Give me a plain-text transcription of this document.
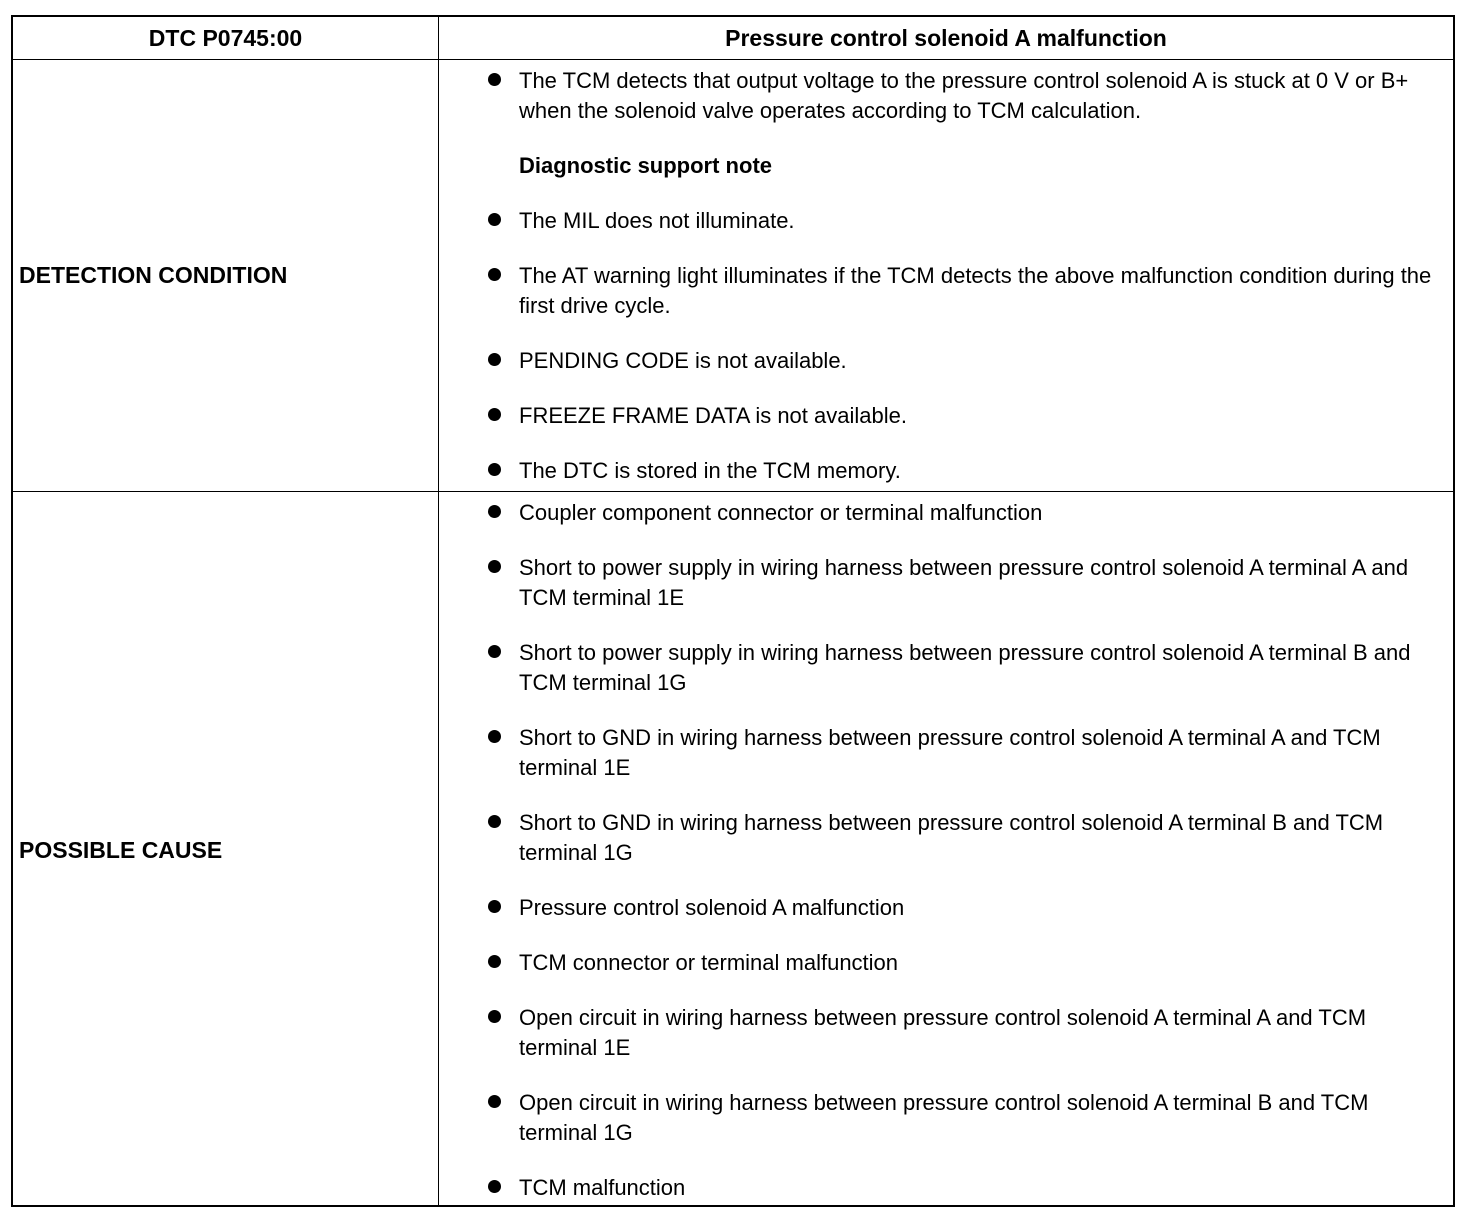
DTC P0745:00	Pressure control solenoid A malfunction
DETECTION CONDITION
The TCM detects that output voltage to the pressure control solenoid A is stuck at 0 V or B+ when the solenoid valve operates according to TCM calculation.
Diagnostic support note
The MIL does not illuminate.
The AT warning light illuminates if the TCM detects the above malfunction condition during the first drive cycle.
PENDING CODE is not available.
FREEZE FRAME DATA is not available.
The DTC is stored in the TCM memory.
POSSIBLE CAUSE
Coupler component connector or terminal malfunction
Short to power supply in wiring harness between pressure control solenoid A terminal A and TCM terminal 1E
Short to power supply in wiring harness between pressure control solenoid A terminal B and TCM terminal 1G
Short to GND in wiring harness between pressure control solenoid A terminal A and TCM terminal 1E
Short to GND in wiring harness between pressure control solenoid A terminal B and TCM terminal 1G
Pressure control solenoid A malfunction
TCM connector or terminal malfunction
Open circuit in wiring harness between pressure control solenoid A terminal A and TCM terminal 1E
Open circuit in wiring harness between pressure control solenoid A terminal B and TCM terminal 1G
TCM malfunction
